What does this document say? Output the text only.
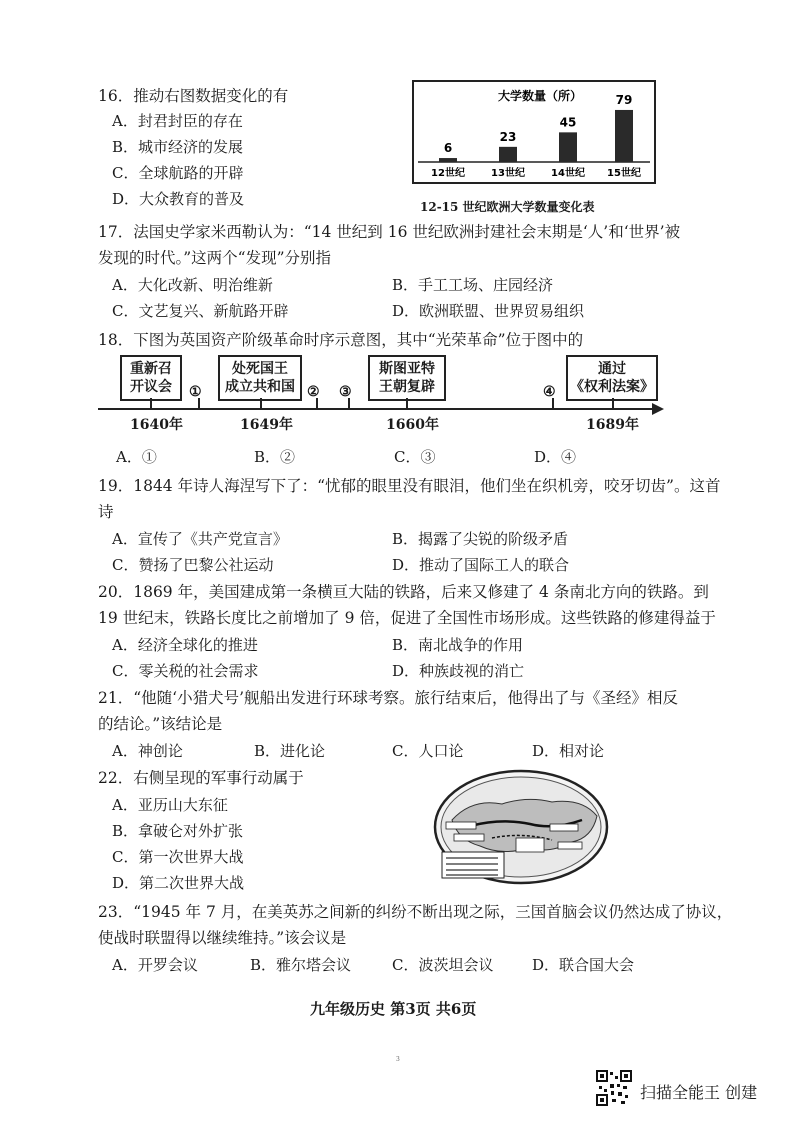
16．推动右图数据变化的有
A．封君封臣的存在
B．城市经济的发展
C．全球航路的开辟
D．大众教育的普及
大学数量（所）
6
12世纪
23
13世纪
45
14世纪
79
15世纪
12-15 世纪欧洲大学数量变化表
17．法国史学家米西勒认为：“14 世纪到 16 世纪欧洲封建社会末期是‘人’和‘世界’被
发现的时代。”这两个“发现”分别指
A．大化改新、明治维新	B．手工工场、庄园经济
C．文艺复兴、新航路开辟	D．欧洲联盟、世界贸易组织
18．下图为英国资产阶级革命时序示意图，其中“光荣革命”位于图中的
重新召
开议会
处死国王
成立共和国
斯图亚特
王朝复辟
通过
《权利法案》
①	② ③	④
1640年	1649年	1660年	1689年
A．①	B．②	C．③	D．④
19．1844 年诗人海涅写下了：“忧郁的眼里没有眼泪，他们坐在织机旁，咬牙切齿”。这首
诗
A．宣传了《共产党宣言》	B．揭露了尖锐的阶级矛盾
C．赞扬了巴黎公社运动	D．推动了国际工人的联合
20．1869 年，美国建成第一条横亘大陆的铁路，后来又修建了 4 条南北方向的铁路。到
19 世纪末，铁路长度比之前增加了 9 倍，促进了全国性市场形成。这些铁路的修建得益于
A．经济全球化的推进	B．南北战争的作用
C．零关税的社会需求	D．种族歧视的消亡
21．“他随‘小猎犬号’舰船出发进行环球考察。旅行结束后，他得出了与《圣经》相反
的结论。”该结论是
A．神创论	B．进化论	C．人口论	D．相对论
22．右侧呈现的军事行动属于
A．亚历山大东征
B．拿破仑对外扩张
C．第一次世界大战
D．第二次世界大战
23．“1945 年 7 月，在美英苏之间新的纠纷不断出现之际，三国首脑会议仍然达成了协议，
使战时联盟得以继续维持。”该会议是
A．开罗会议	B．雅尔塔会议	C．波茨坦会议	D．联合国大会
九年级历史 第3页 共6页
3
扫描全能王 创建
